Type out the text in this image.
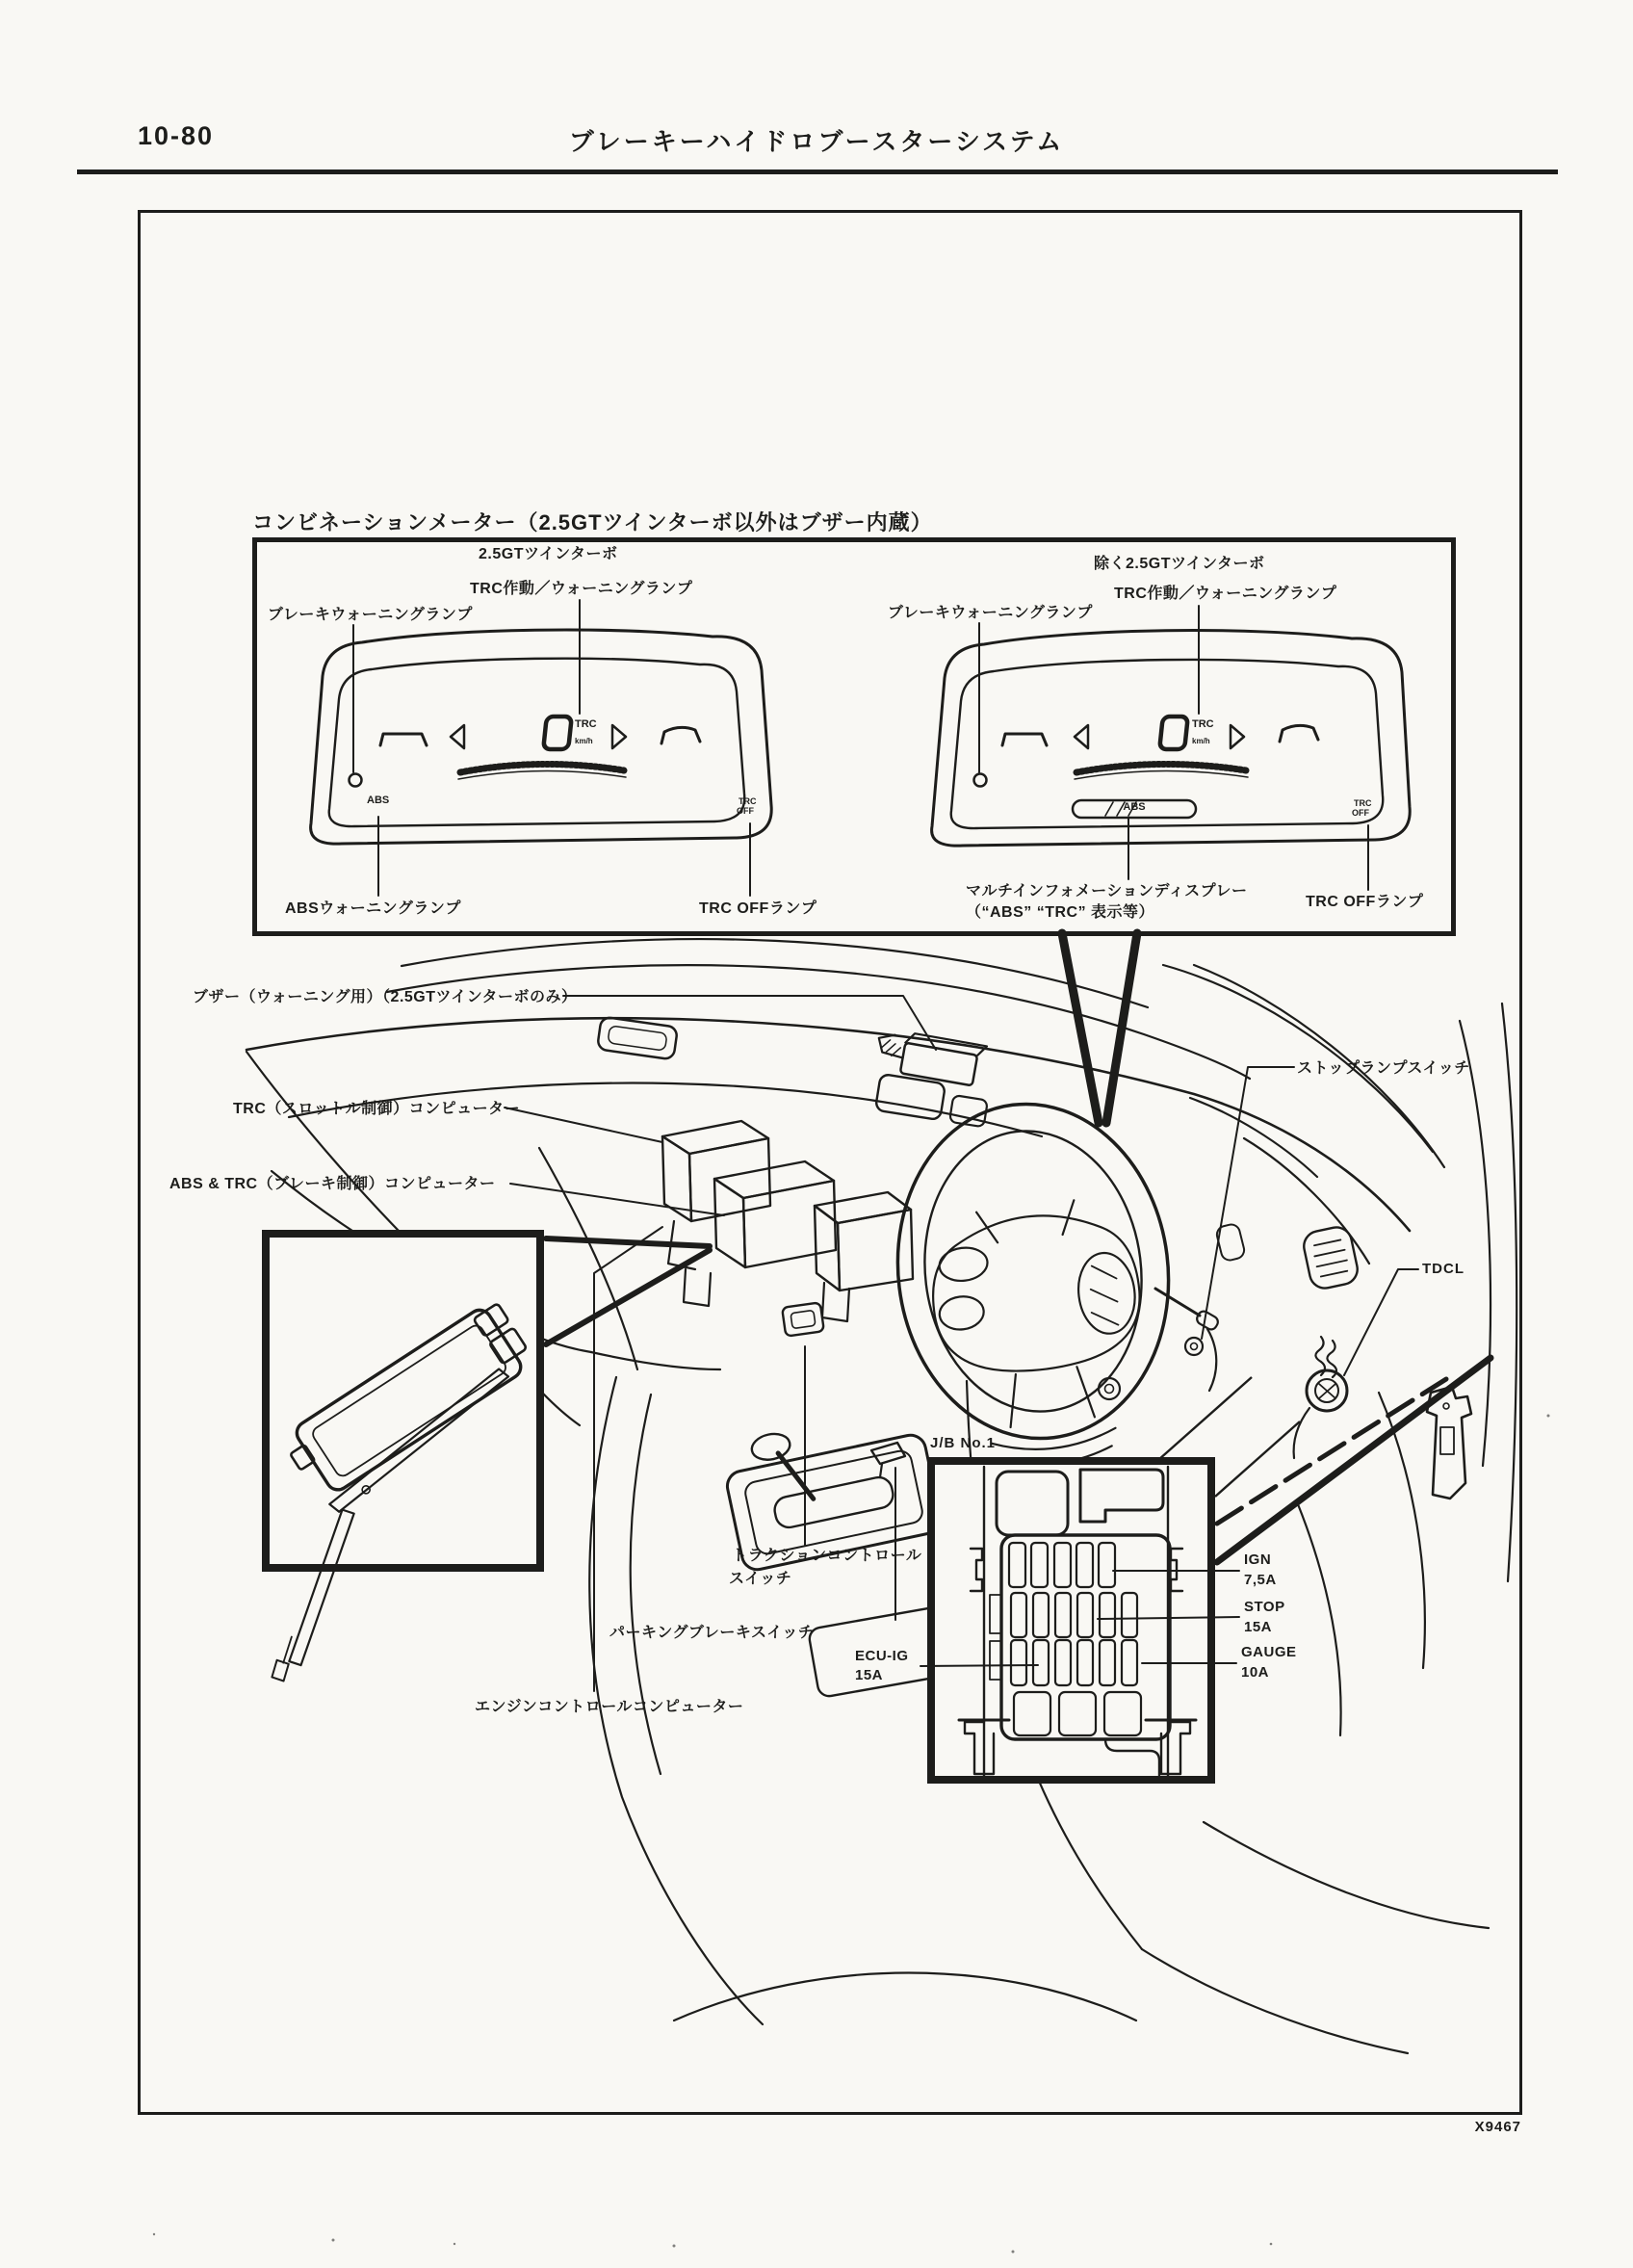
10-80	ブレーキーハイドロブースターシステム
コンビネーションメーター（2.5GTツインターボ以外はブザー内蔵）
2.5GTツインターボ
TRC作動／ウォーニングランプ
ブレーキウォーニングランプ
ABSウォーニングランプ	TRC OFFランプ
TRC
km/h
ABS	TRC
OFF
除く2.5GTツインターボ
TRC作動／ウォーニングランプ
ブレーキウォーニングランプ
マルチインフォメーションディスプレー
（“ABS” “TRC” 表示等）
TRC OFFランプ
TRC
km/h
ABS	TRC
OFF
ブザー（ウォーニング用）（2.5GTツインターボのみ）
TRC（スロットル制御）コンピューター
ABS & TRC（ブレーキ制御）コンピューター
ストップランプスイッチ
TDCL
J/B No.1
トラクションコントロール
スイッチ
パーキングブレーキスイッチ
エンジンコントロールコンピューター
ECU-IG
15A
IGN
7,5A
STOP
15A
GAUGE
10A
X9467
